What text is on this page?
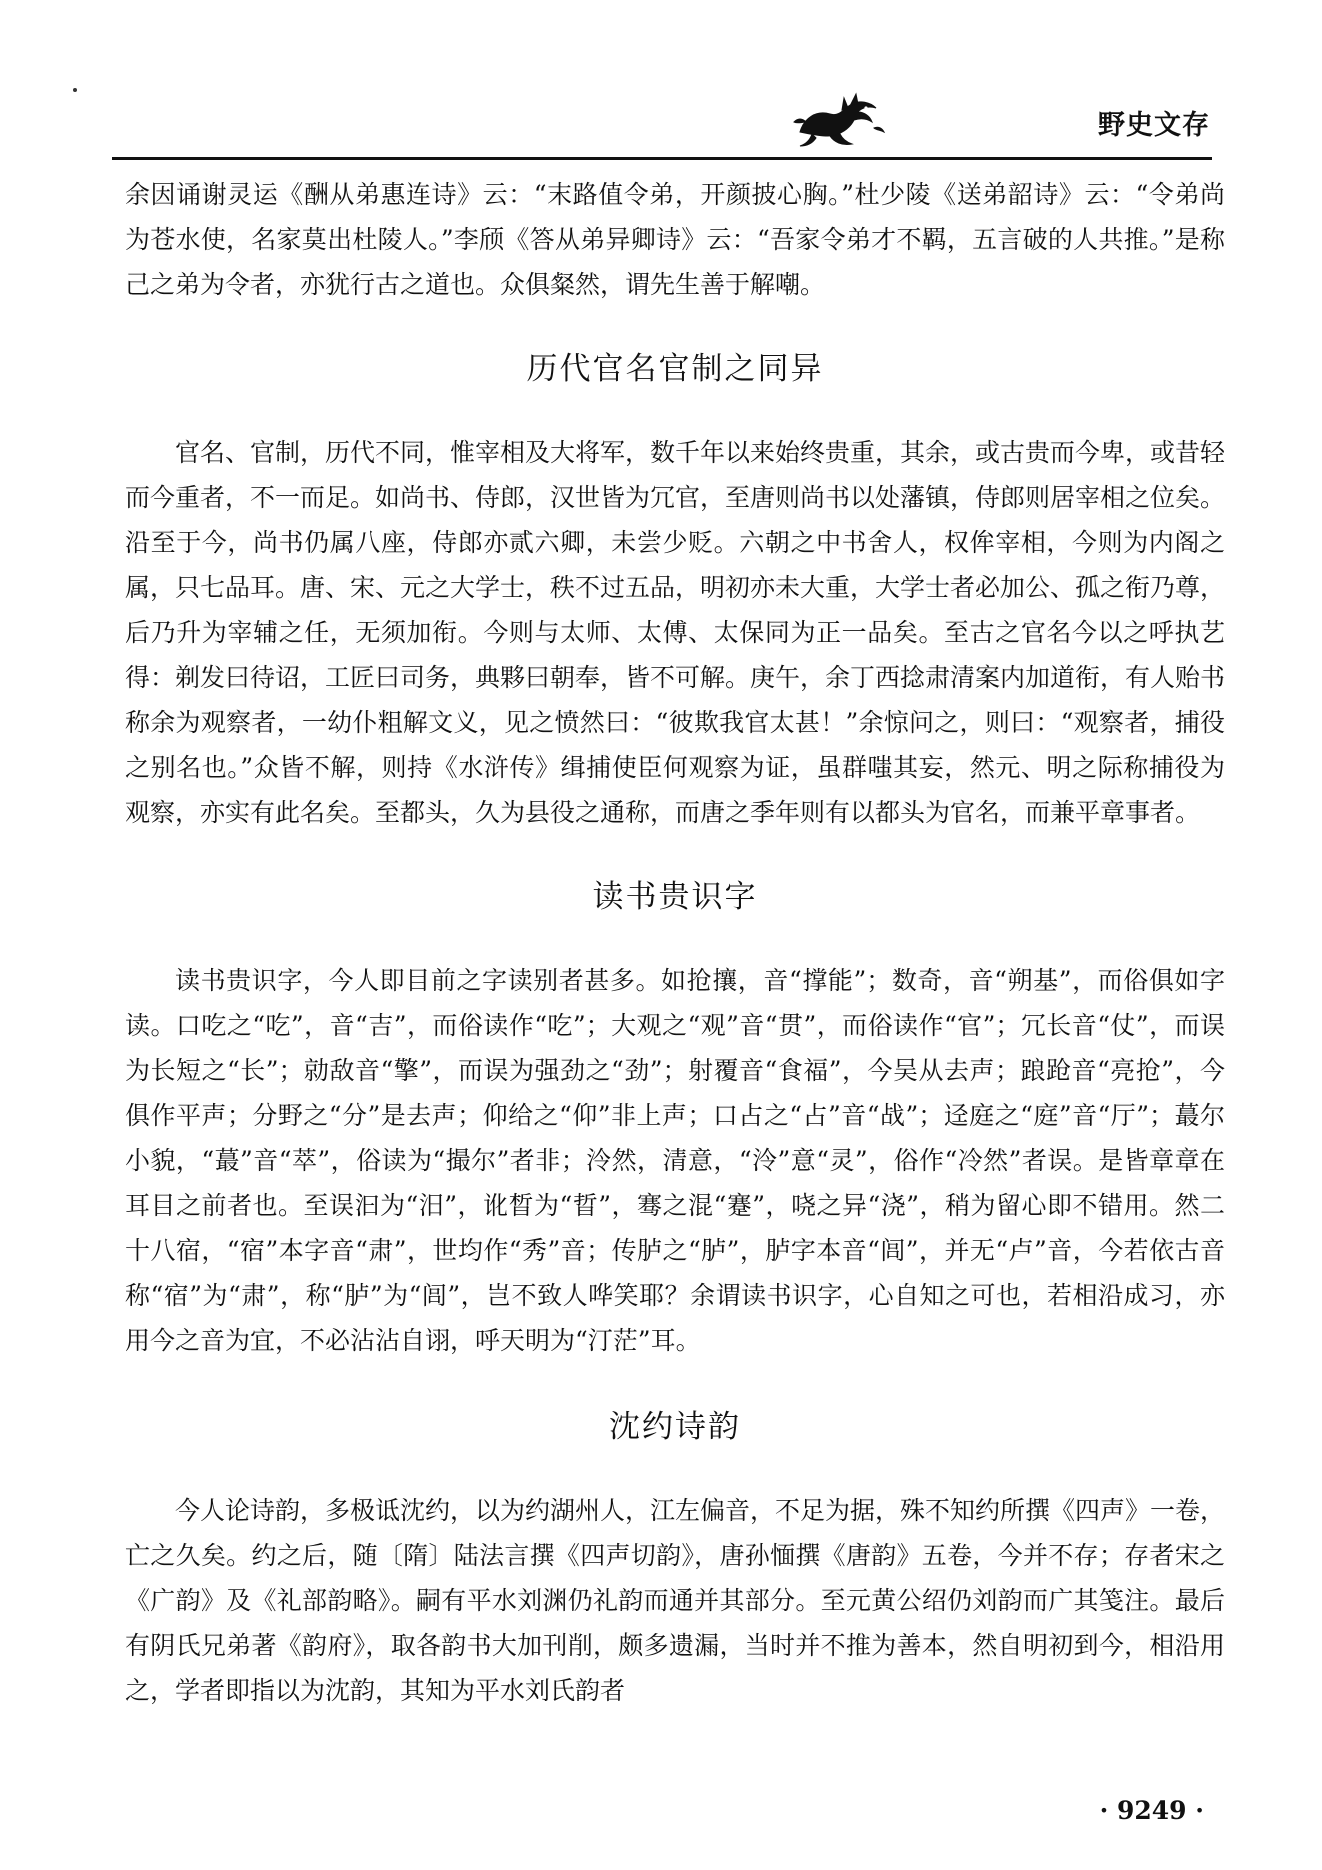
野史文存

余因诵谢灵运《酬从弟惠连诗》云：“末路值令弟，开颜披心胸。”杜少陵《送弟韶诗》云：“令弟尚为苍水使，名家莫出杜陵人。”李颀《答从弟异卿诗》云：“吾家令弟才不羁，五言破的人共推。”是称己之弟为令者，亦犹行古之道也。众俱粲然，谓先生善于解嘲。

历代官名官制之同异

官名、官制，历代不同，惟宰相及大将军，数千年以来始终贵重，其余，或古贵而今卑，或昔轻而今重者，不一而足。如尚书、侍郎，汉世皆为冗官，至唐则尚书以处藩镇，侍郎则居宰相之位矣。沿至于今，尚书仍属八座，侍郎亦贰六卿，未尝少贬。六朝之中书舍人，权侔宰相，今则为内阁之属，只七品耳。唐、宋、元之大学士，秩不过五品，明初亦未大重，大学士者必加公、孤之衔乃尊，后乃升为宰辅之任，无须加衔。今则与太师、太傅、太保同为正一品矣。至古之官名今以之呼执艺得：剃发曰待诏，工匠曰司务，典夥曰朝奉，皆不可解。庚午，余丁西捻肃清案内加道衔，有人贻书称余为观察者，一幼仆粗解文义，见之愤然曰：“彼欺我官太甚！”余惊问之，则曰：“观察者，捕役之别名也。”众皆不解，则持《水浒传》缉捕使臣何观察为证，虽群嗤其妄，然元、明之际称捕役为观察，亦实有此名矣。至都头，久为县役之通称，而唐之季年则有以都头为官名，而兼平章事者。

读书贵识字

读书贵识字，今人即目前之字读别者甚多。如抢攘，音“撑能”；数奇，音“朔基”，而俗俱如字读。口吃之“吃”，音“吉”，而俗读作“吃”；大观之“观”音“贯”，而俗读作“官”；冗长音“仗”，而误为长短之“长”；勍敌音“擎”，而误为强劲之“劲”；射覆音“食福”，今吴从去声；踉跄音“亮抢”，今俱作平声；分野之“分”是去声；仰给之“仰”非上声；口占之“占”音“战”；迳庭之“庭”音“厅”；蕞尔小貌，“蕞”音“萃”，俗读为“撮尔”者非；泠然，清意，“泠”意“灵”，俗作“冷然”者误。是皆章章在耳目之前者也。至误汩为“汨”，讹晳为“晢”，骞之混“蹇”，哓之异“浇”，稍为留心即不错用。然二十八宿，“宿”本字音“肃”，世均作“秀”音；传胪之“胪”，胪字本音“闾”，并无“卢”音，今若依古音称“宿”为“肃”，称“胪”为“闾”，岂不致人哗笑耶？余谓读书识字，心自知之可也，若相沿成习，亦用今之音为宜，不必沾沾自诩，呼天明为“汀茫”耳。

沈约诗韵

今人论诗韵，多极诋沈约，以为约湖州人，江左偏音，不足为据，殊不知约所撰《四声》一卷，亡之久矣。约之后，随〔隋〕陆法言撰《四声切韵》，唐孙愐撰《唐韵》五卷，今并不存；存者宋之《广韵》及《礼部韵略》。嗣有平水刘渊仍礼韵而通并其部分。至元黄公绍仍刘韵而广其笺注。最后有阴氏兄弟著《韵府》，取各韵书大加刊削，颇多遗漏，当时并不推为善本，然自明初到今，相沿用之，学者即指以为沈韵，其知为平水刘氏韵者

· 9249 ·
